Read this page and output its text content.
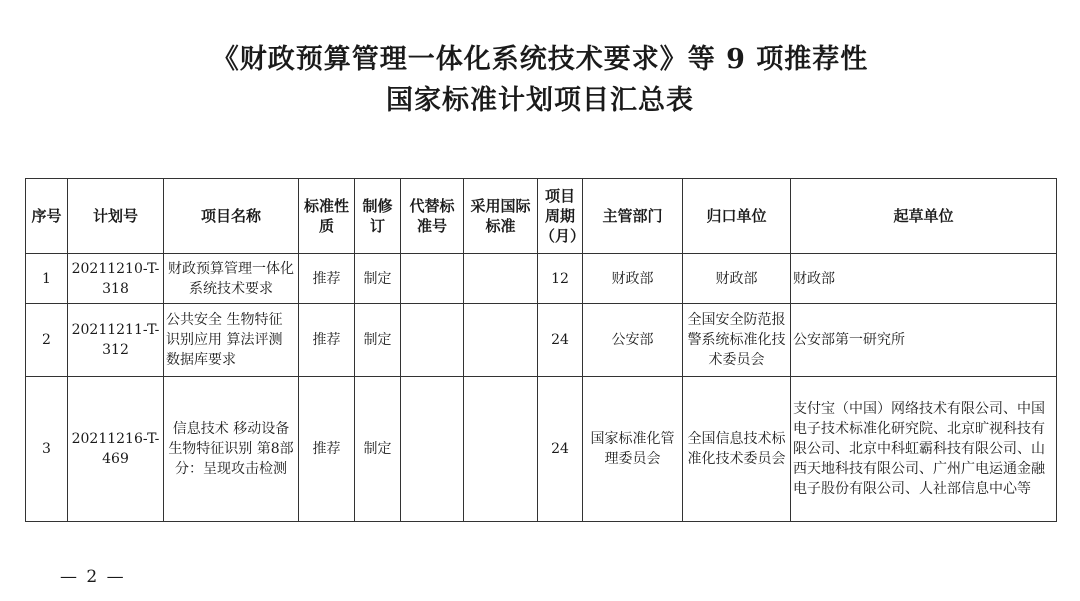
《财政预算管理一体化系统技术要求》等 9 项推荐性
国家标准计划项目汇总表
序号	计划号	项目名称	标准性质	制修订	代替标准号	采用国际标准	项目周期（月）	主管部门	归口单位	起草单位
1	20211210-T-318	财政预算管理一体化系统技术要求	推荐	制定			12	财政部	财政部	财政部
2	20211211-T-312	公共安全 生物特征识别应用 算法评测数据库要求	推荐	制定			24	公安部	全国安全防范报警系统标准化技术委员会	公安部第一研究所
3	20211216-T-469	信息技术 移动设备生物特征识别 第8部分：呈现攻击检测	推荐	制定			24	国家标准化管理委员会	全国信息技术标准化技术委员会	支付宝（中国）网络技术有限公司、中国电子技术标准化研究院、北京旷视科技有限公司、北京中科虹霸科技有限公司、山西天地科技有限公司、广州广电运通金融电子股份有限公司、人社部信息中心等
— 2 —
